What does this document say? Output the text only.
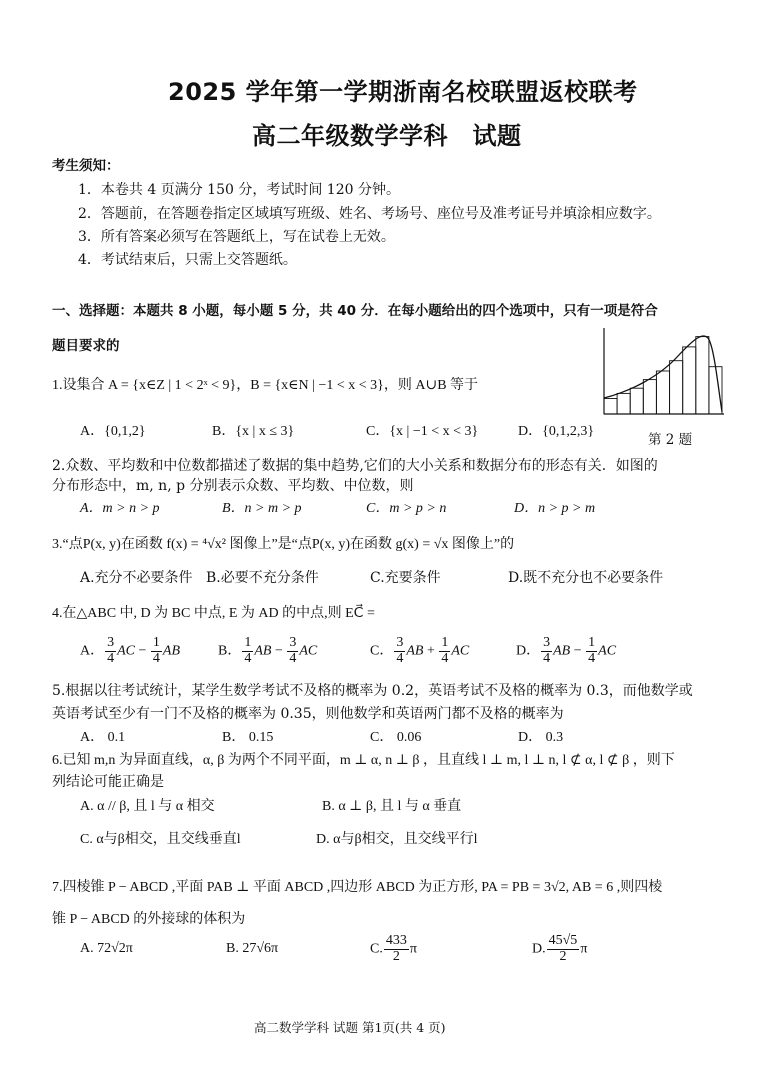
2025 学年第一学期浙南名校联盟返校联考
高二年级数学学科　试题
考生须知：
1．本卷共 4 页满分 150 分，考试时间 120 分钟。
2．答题前，在答题卷指定区域填写班级、姓名、考场号、座位号及准考证号并填涂相应数字。
3．所有答案必须写在答题纸上，写在试卷上无效。
4．考试结束后，只需上交答题纸。
一、选择题：本题共 8 小题，每小题 5 分，共 40 分．在每小题给出的四个选项中，只有一项是符合
题目要求的
第 2 题
1.设集合 A = {x∈Z | 1 < 2ˣ < 9}，B = {x∈N | −1 < x < 3}，则 A∪B 等于
A．{0,1,2}	B．{x | x ≤ 3}	C．{x | −1 < x < 3}	D．{0,1,2,3}
2.众数、平均数和中位数都描述了数据的集中趋势,它们的大小关系和数据分布的形态有关．如图的
分布形态中，m, n, p 分别表示众数、平均数、中位数，则
A．m > n > p	B．n > m > p	C．m > p > n	D．n > p > m
3.“点P(x, y)在函数 f(x) = ⁴√x² 图像上”是“点P(x, y)在函数 g(x) = √x 图像上”的
A.充分不必要条件 B.必要不充分条件	C.充要条件	D.既不充分也不必要条件
4.在△ABC 中, D 为 BC 中点, E 为 AD 的中点,则 EC⃗ =
A． $\frac{3}{4}$ AC − $\frac{1}{4}$ AB	B． $\frac{1}{4}$ AB − $\frac{3}{4}$ AC	C． $\frac{3}{4}$ AB + $\frac{1}{4}$ AC	D． $\frac{3}{4}$ AB − $\frac{1}{4}$ AC
5.根据以往考试统计，某学生数学考试不及格的概率为 0.2，英语考试不及格的概率为 0.3，而他数学或
英语考试至少有一门不及格的概率为 0.35，则他数学和英语两门都不及格的概率为
A． 0.1	B． 0.15	C． 0.06	D． 0.3
6.已知 m,n 为异面直线，α, β 为两个不同平面，m ⊥ α, n ⊥ β ，且直线 l ⊥ m, l ⊥ n, l ⊄ α, l ⊄ β ，则下
列结论可能正确是
A. α // β, 且 l 与 α 相交	B. α ⊥ β, 且 l 与 α 垂直
C. α与β相交，且交线垂直l	D. α与β相交，且交线平行l
7.四棱锥 P − ABCD ,平面 PAB ⊥ 平面 ABCD ,四边形 ABCD 为正方形, PA = PB = 3√2, AB = 6 ,则四棱
锥 P − ABCD 的外接球的体积为
A. 72√2π	B. 27√6π	C. $\frac{433}{2}$ π	D. $\frac{45√5}{2}$ π
高二数学学科 试题 第1页(共 4 页)
